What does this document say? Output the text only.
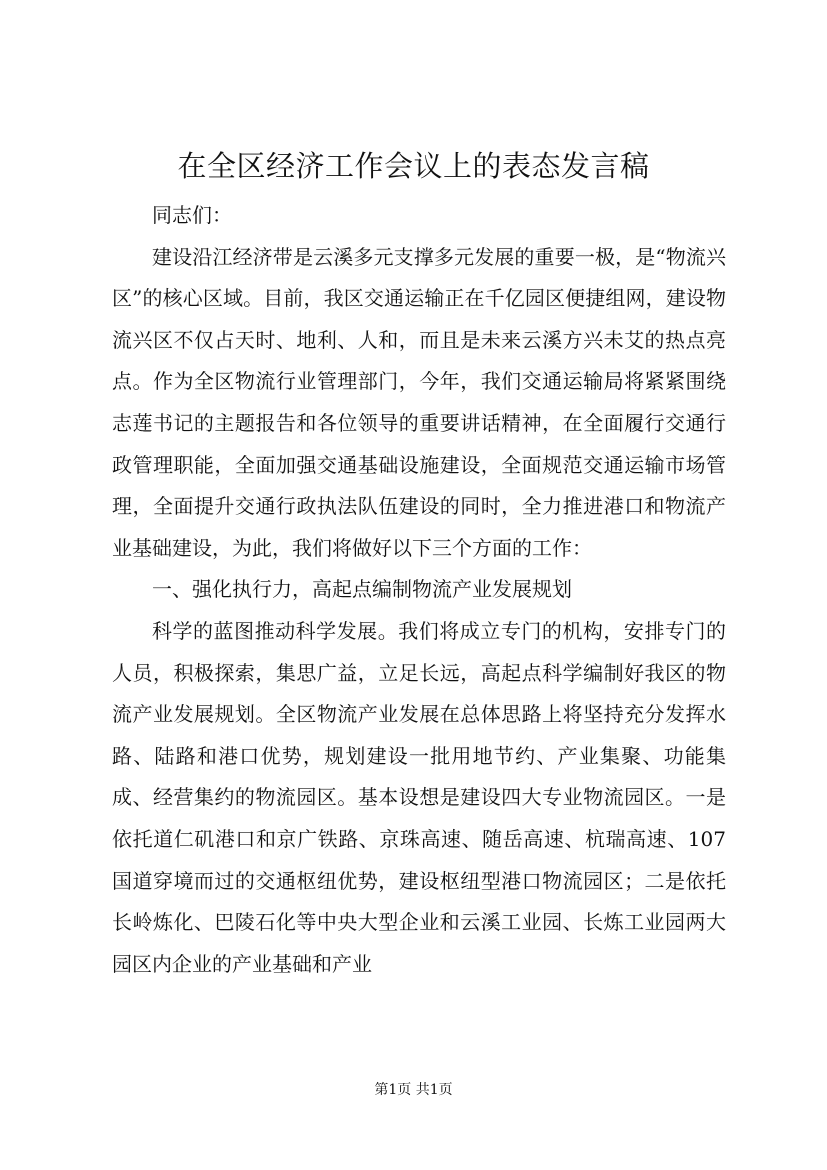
在全区经济工作会议上的表态发言稿

同志们：

建设沿江经济带是云溪多元支撑多元发展的重要一极，是“物流兴区”的核心区域。目前，我区交通运输正在千亿园区便捷组网，建设物流兴区不仅占天时、地利、人和，而且是未来云溪方兴未艾的热点亮点。作为全区物流行业管理部门，今年，我们交通运输局将紧紧围绕志莲书记的主题报告和各位领导的重要讲话精神，在全面履行交通行政管理职能，全面加强交通基础设施建设，全面规范交通运输市场管理，全面提升交通行政执法队伍建设的同时，全力推进港口和物流产业基础建设，为此，我们将做好以下三个方面的工作：

一、强化执行力，高起点编制物流产业发展规划

科学的蓝图推动科学发展。我们将成立专门的机构，安排专门的人员，积极探索，集思广益，立足长远，高起点科学编制好我区的物流产业发展规划。全区物流产业发展在总体思路上将坚持充分发挥水路、陆路和港口优势，规划建设一批用地节约、产业集聚、功能集成、经营集约的物流园区。基本设想是建设四大专业物流园区。一是依托道仁矶港口和京广铁路、京珠高速、随岳高速、杭瑞高速、107国道穿境而过的交通枢纽优势，建设枢纽型港口物流园区；二是依托长岭炼化、巴陵石化等中央大型企业和云溪工业园、长炼工业园两大园区内企业的产业基础和产业

第1页 共1页
